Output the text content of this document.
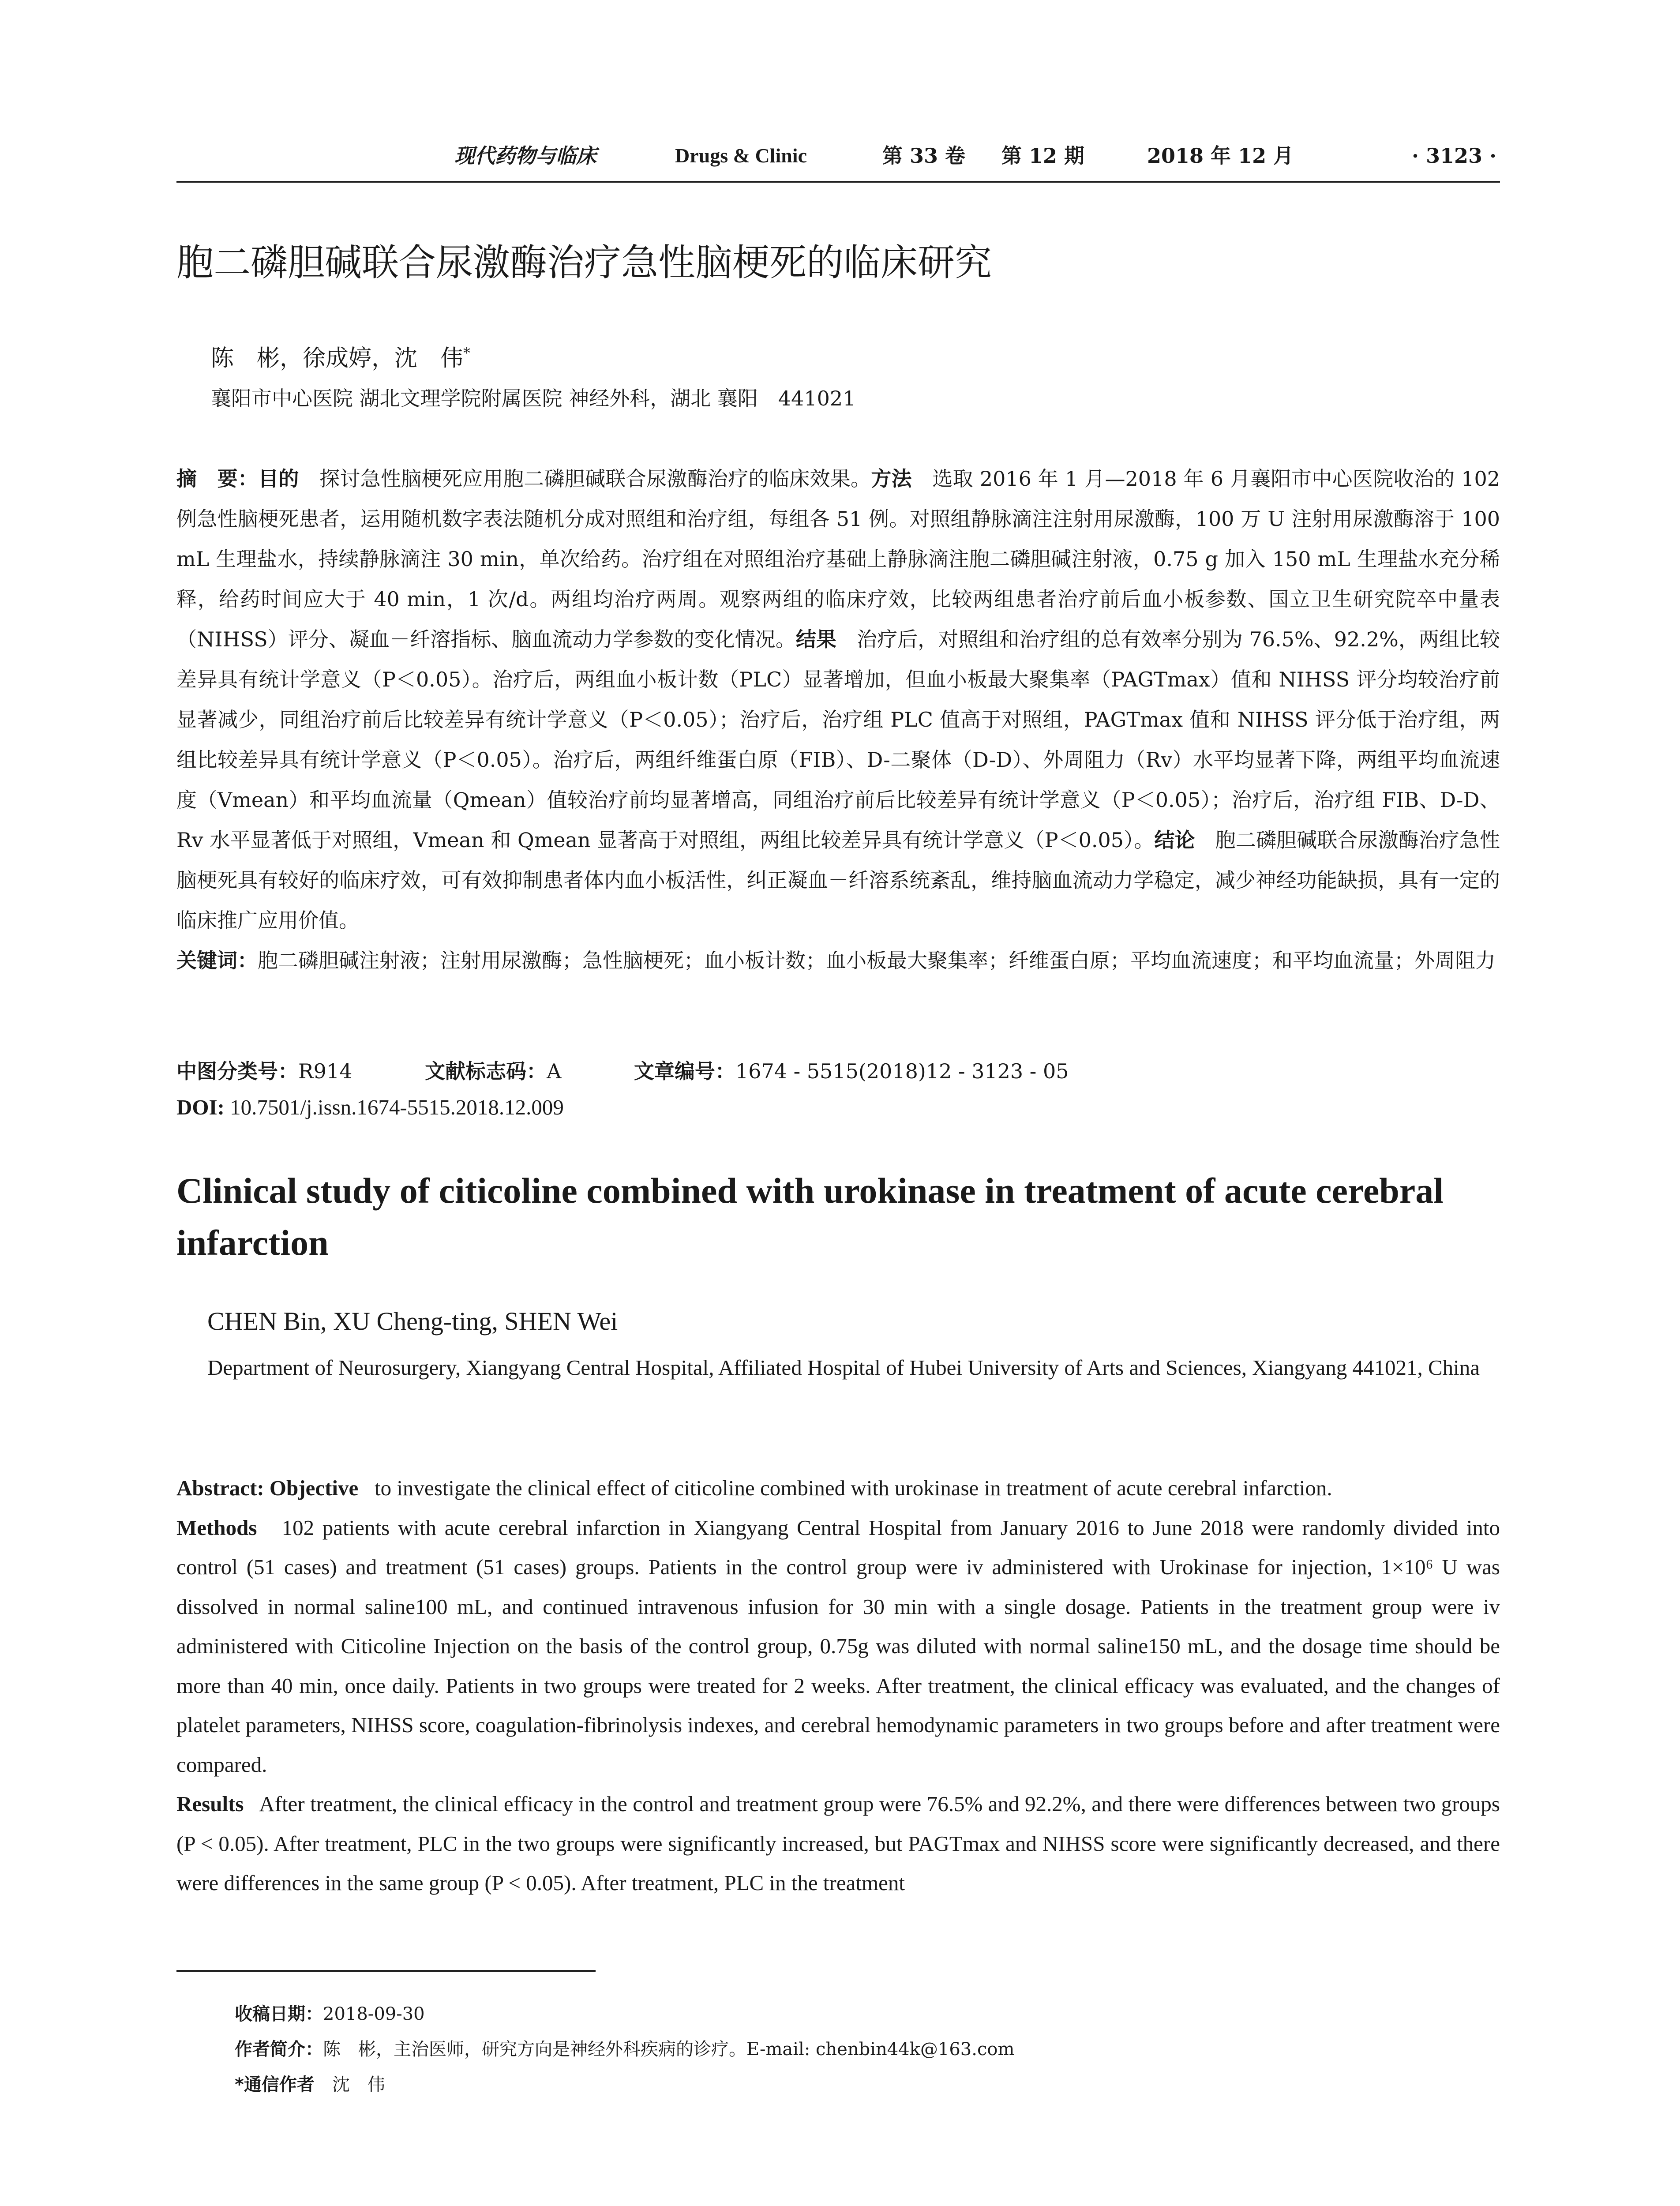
现代药物与临床	Drugs & Clinic	第 33 卷 第 12 期	2018 年 12 月	· 3123 ·
胞二磷胆碱联合尿激酶治疗急性脑梗死的临床研究
陈　彬，徐成婷，沈　伟*
襄阳市中心医院 湖北文理学院附属医院 神经外科，湖北 襄阳　441021
摘　要：目的　 探讨急性脑梗死应用胞二磷胆碱联合尿激酶治疗的临床效果。方法　 选取 2016 年 1 月—2018 年 6 月襄阳市中心医院收治的 102 例急性脑梗死患者，运用随机数字表法随机分成对照组和治疗组，每组各 51 例。对照组静脉滴注注射用尿激酶，100 万 U 注射用尿激酶溶于 100 mL 生理盐水，持续静脉滴注 30 min，单次给药。治疗组在对照组治疗基础上静脉滴注胞二磷胆碱注射液，0.75 g 加入 150 mL 生理盐水充分稀释，给药时间应大于 40 min，1 次/d。两组均治疗两周。观察两组的临床疗效，比较两组患者治疗前后血小板参数、国立卫生研究院卒中量表（NIHSS）评分、凝血－纤溶指标、脑血流动力学参数的变化情况。结果　 治疗后，对照组和治疗组的总有效率分别为 76.5%、92.2%，两组比较差异具有统计学意义（P＜0.05）。治疗后，两组血小板计数（PLC）显著增加，但血小板最大聚集率（PAGTmax）值和 NIHSS 评分均较治疗前显著减少，同组治疗前后比较差异有统计学意义（P＜0.05）；治疗后，治疗组 PLC 值高于对照组，PAGTmax 值和 NIHSS 评分低于治疗组，两组比较差异具有统计学意义（P＜0.05）。治疗后，两组纤维蛋白原（FIB）、D-二聚体（D-D）、外周阻力（Rv）水平均显著下降，两组平均血流速度（Vmean）和平均血流量（Qmean）值较治疗前均显著增高，同组治疗前后比较差异有统计学意义（P＜0.05）；治疗后，治疗组 FIB、D-D、Rv 水平显著低于对照组，Vmean 和 Qmean 显著高于对照组，两组比较差异具有统计学意义（P＜0.05）。结论　 胞二磷胆碱联合尿激酶治疗急性脑梗死具有较好的临床疗效，可有效抑制患者体内血小板活性，纠正凝血－纤溶系统紊乱，维持脑血流动力学稳定，减少神经功能缺损，具有一定的临床推广应用价值。
关键词：胞二磷胆碱注射液；注射用尿激酶；急性脑梗死；血小板计数；血小板最大聚集率；纤维蛋白原；平均血流速度；和平均血流量；外周阻力
中图分类号：R914	文献标志码：A	文章编号：1674 - 5515(2018)12 - 3123 - 05
DOI: 10.7501/j.issn.1674-5515.2018.12.009
Clinical study of citicoline combined with urokinase in treatment of acute cerebral infarction
CHEN Bin, XU Cheng-ting, SHEN Wei
Department of Neurosurgery, Xiangyang Central Hospital, Affiliated Hospital of Hubei University of Arts and Sciences, Xiangyang 441021, China
Abstract: Objective to investigate the clinical effect of citicoline combined with urokinase in treatment of acute cerebral infarction.
Methods 102 patients with acute cerebral infarction in Xiangyang Central Hospital from January 2016 to June 2018 were randomly divided into control (51 cases) and treatment (51 cases) groups. Patients in the control group were iv administered with Urokinase for injection, 1×10⁶ U was dissolved in normal saline100 mL, and continued intravenous infusion for 30 min with a single dosage. Patients in the treatment group were iv administered with Citicoline Injection on the basis of the control group, 0.75g was diluted with normal saline150 mL, and the dosage time should be more than 40 min, once daily. Patients in two groups were treated for 2 weeks. After treatment, the clinical efficacy was evaluated, and the changes of platelet parameters, NIHSS score, coagulation-fibrinolysis indexes, and cerebral hemodynamic parameters in two groups before and after treatment were compared.
Results After treatment, the clinical efficacy in the control and treatment group were 76.5% and 92.2%, and there were differences between two groups (P < 0.05). After treatment, PLC in the two groups were significantly increased, but PAGTmax and NIHSS score were significantly decreased, and there were differences in the same group (P < 0.05). After treatment, PLC in the treatment
收稿日期：2018-09-30
作者简介：陈　彬，主治医师，研究方向是神经外科疾病的诊疗。E-mail: chenbin44k@163.com
*通信作者　 沈　伟
